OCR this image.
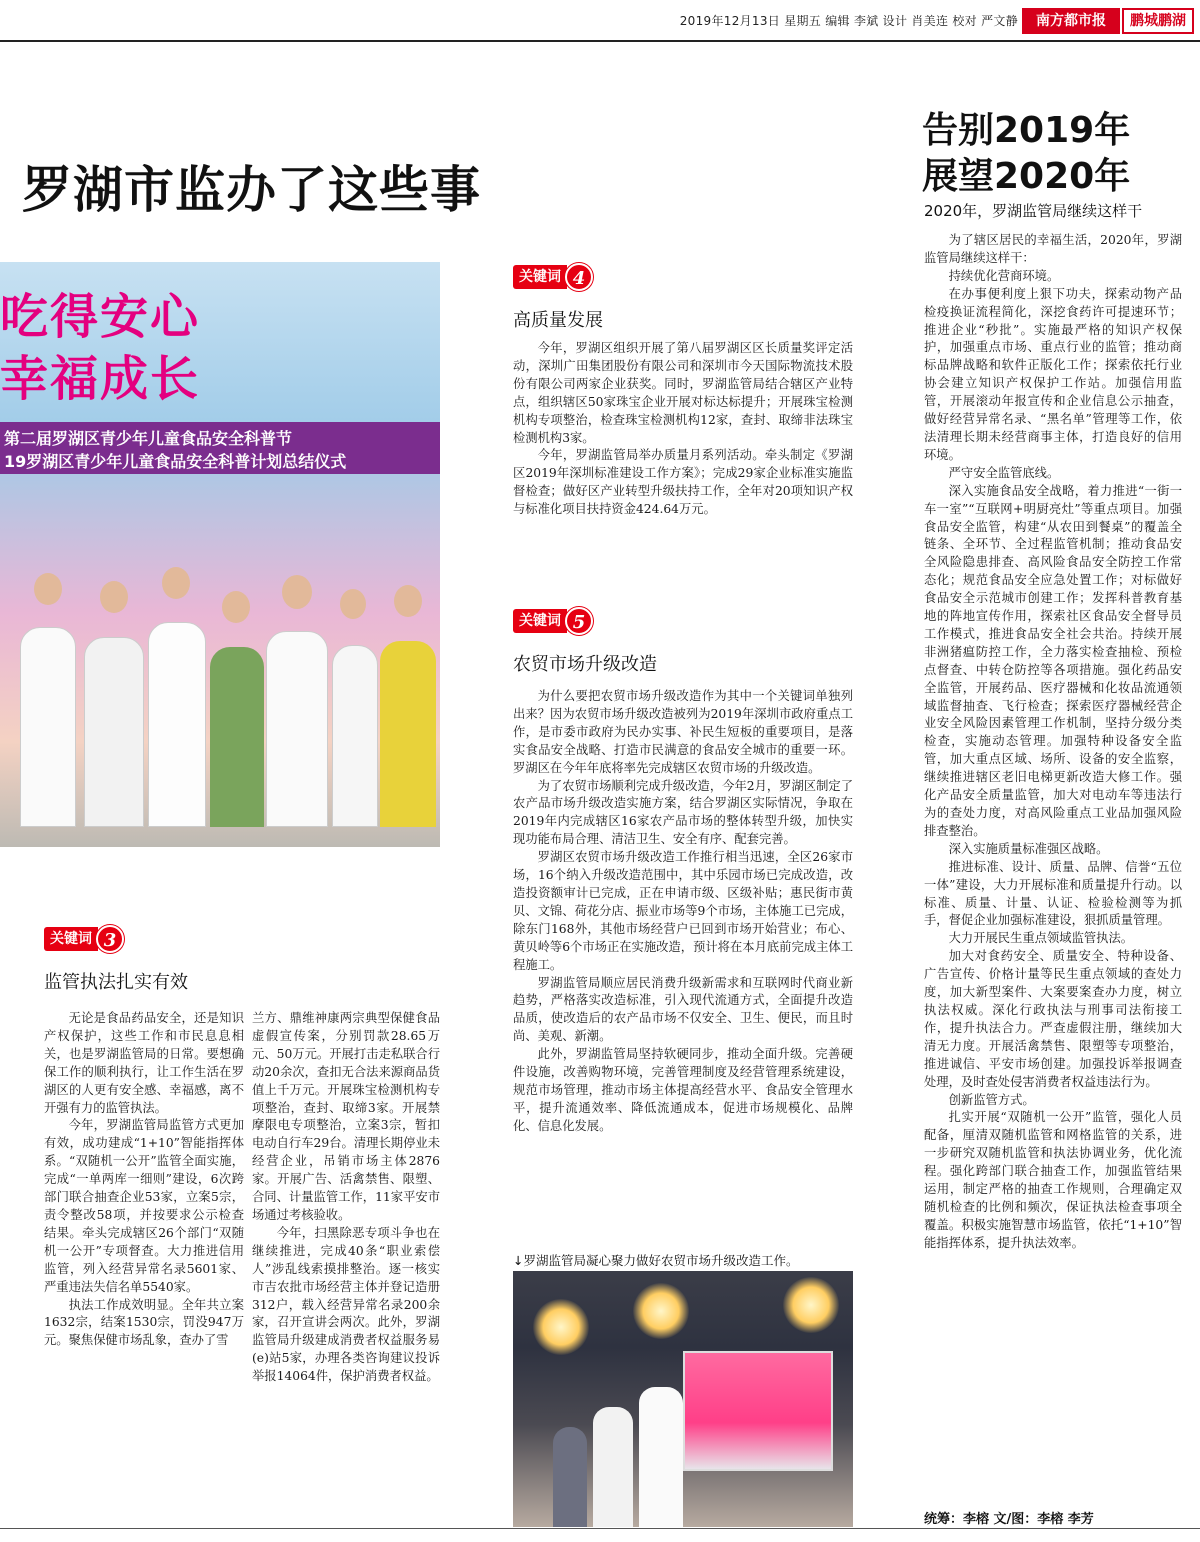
2019年12月13日 星期五 编辑 李斌 设计 肖美连 校对 严文静	南方都市报	鹏城鹏湖
罗湖市监办了这些事
告别2019年
展望2020年
2020年，罗湖监管局继续这样干
吃得安心
幸福成长
第二届罗湖区青少年儿童食品安全科普节
19罗湖区青少年儿童食品安全科普计划总结仪式
关键词 4
高质量发展

今年，罗湖区组织开展了第八届罗湖区区长质量奖评定活动，深圳广田集团股份有限公司和深圳市今天国际物流技术股份有限公司两家企业获奖。同时，罗湖监管局结合辖区产业特点，组织辖区50家珠宝企业开展对标达标提升；开展珠宝检测机构专项整治，检查珠宝检测机构12家，查封、取缔非法珠宝检测机构3家。

今年，罗湖监管局举办质量月系列活动。牵头制定《罗湖区2019年深圳标准建设工作方案》；完成29家企业标准实施监督检查；做好区产业转型升级扶持工作，全年对20项知识产权与标准化项目扶持资金424.64万元。

关键词 5
农贸市场升级改造

为什么要把农贸市场升级改造作为其中一个关键词单独列出来？因为农贸市场升级改造被列为2019年深圳市政府重点工作，是市委市政府为民办实事、补民生短板的重要项目，是落实食品安全战略、打造市民满意的食品安全城市的重要一环。罗湖区在今年年底将率先完成辖区农贸市场的升级改造。

为了农贸市场顺利完成升级改造，今年2月，罗湖区制定了农产品市场升级改造实施方案，结合罗湖区实际情况，争取在2019年内完成辖区16家农产品市场的整体转型升级，加快实现功能布局合理、清洁卫生、安全有序、配套完善。

罗湖区农贸市场升级改造工作推行相当迅速，全区26家市场，16个纳入升级改造范围中，其中乐园市场已完成改造，改造投资额审计已完成，正在申请市级、区级补贴；惠民街市黄贝、文锦、荷花分店、振业市场等9个市场，主体施工已完成，除东门168外，其他市场经营户已回到市场开始营业；布心、黄贝岭等6个市场正在实施改造，预计将在本月底前完成主体工程施工。

罗湖监管局顺应居民消费升级新需求和互联网时代商业新趋势，严格落实改造标准，引入现代流通方式，全面提升改造品质，使改造后的农产品市场不仅安全、卫生、便民，而且时尚、美观、新潮。

此外，罗湖监管局坚持软硬同步，推动全面升级。完善硬件设施，改善购物环境，完善管理制度及经营管理系统建设，规范市场管理，推动市场主体提高经营水平、食品安全管理水平，提升流通效率、降低流通成本，促进市场规模化、品牌化、信息化发展。

↓罗湖监管局凝心聚力做好农贸市场升级改造工作。
关键词 3
监管执法扎实有效

无论是食品药品安全，还是知识产权保护，这些工作和市民息息相关，也是罗湖监管局的日常。要想确保工作的顺利执行，让工作生活在罗湖区的人更有安全感、幸福感，离不开强有力的监管执法。

今年，罗湖监管局监管方式更加有效，成功建成“1+10”智能指挥体系。“双随机一公开”监管全面实施，完成“一单两库一细则”建设，6次跨部门联合抽查企业53家，立案5宗，责令整改58项，并按要求公示检查结果。牵头完成辖区26个部门“双随机一公开”专项督查。大力推进信用监管，列入经营异常名录5601家、严重违法失信名单5540家。

执法工作成效明显。全年共立案1632宗，结案1530宗，罚没947万元。聚焦保健市场乱象，查办了雪

兰方、鼎维神康两宗典型保健食品虚假宣传案，分别罚款28.65万元、50万元。开展打击走私联合行动20余次，查扣无合法来源商品货值上千万元。开展珠宝检测机构专项整治，查封、取缔3家。开展禁摩限电专项整治，立案3宗，暂扣电动自行车29台。清理长期停业未经营企业，吊销市场主体2876家。开展广告、活禽禁售、限塑、合同、计量监管工作，11家平安市场通过考核验收。

今年，扫黑除恶专项斗争也在继续推进，完成40条“职业索偿人”涉乱线索摸排整治。逐一核实市吉农批市场经营主体并登记造册312户，载入经营异常名录200余家，召开宣讲会两次。此外，罗湖监管局升级建成消费者权益服务易(e)站5家，办理各类咨询建议投诉举报14064件，保护消费者权益。

为了辖区居民的幸福生活，2020年，罗湖监管局继续这样干：

持续优化营商环境。

在办事便利度上狠下功夫，探索动物产品检疫换证流程简化，深挖食药许可提速环节；推进企业“秒批”。实施最严格的知识产权保护，加强重点市场、重点行业的监管；推动商标品牌战略和软件正版化工作；探索依托行业协会建立知识产权保护工作站。加强信用监管，开展滚动年报宣传和企业信息公示抽查，做好经营异常名录、“黑名单”管理等工作，依法清理长期未经营商事主体，打造良好的信用环境。

严守安全监管底线。

深入实施食品安全战略，着力推进“一街一车一室”“互联网+明厨亮灶”等重点项目。加强食品安全监管，构建“从农田到餐桌”的覆盖全链条、全环节、全过程监管机制；推动食品安全风险隐患排查、高风险食品安全防控工作常态化；规范食品安全应急处置工作；对标做好食品安全示范城市创建工作；发挥科普教育基地的阵地宣传作用，探索社区食品安全督导员工作模式，推进食品安全社会共治。持续开展非洲猪瘟防控工作，全力落实检查抽检、预检点督查、中转仓防控等各项措施。强化药品安全监管，开展药品、医疗器械和化妆品流通领域监督抽查、飞行检查；探索医疗器械经营企业安全风险因素管理工作机制，坚持分级分类检查，实施动态管理。加强特种设备安全监管，加大重点区域、场所、设备的安全监察，继续推进辖区老旧电梯更新改造大修工作。强化产品安全质量监管，加大对电动车等违法行为的查处力度，对高风险重点工业品加强风险排查整治。

深入实施质量标准强区战略。

推进标准、设计、质量、品牌、信誉“五位一体”建设，大力开展标准和质量提升行动。以标准、质量、计量、认证、检验检测等为抓手，督促企业加强标准建设，狠抓质量管理。

大力开展民生重点领域监管执法。

加大对食药安全、质量安全、特种设备、广告宣传、价格计量等民生重点领域的查处力度，加大新型案件、大案要案查办力度，树立执法权威。深化行政执法与刑事司法衔接工作，提升执法合力。严查虚假注册，继续加大清无力度。开展活禽禁售、限塑等专项整治，推进诚信、平安市场创建。加强投诉举报调查处理，及时查处侵害消费者权益违法行为。

创新监管方式。

扎实开展“双随机一公开”监管，强化人员配备，厘清双随机监管和网格监管的关系，进一步研究双随机监管和执法协调业务，优化流程。强化跨部门联合抽查工作，加强监管结果运用，制定严格的抽查工作规则，合理确定双随机检查的比例和频次，保证执法检查事项全覆盖。积极实施智慧市场监管，依托“1+10”智能指挥体系，提升执法效率。

统筹：李榕 文/图：李榕 李芳
